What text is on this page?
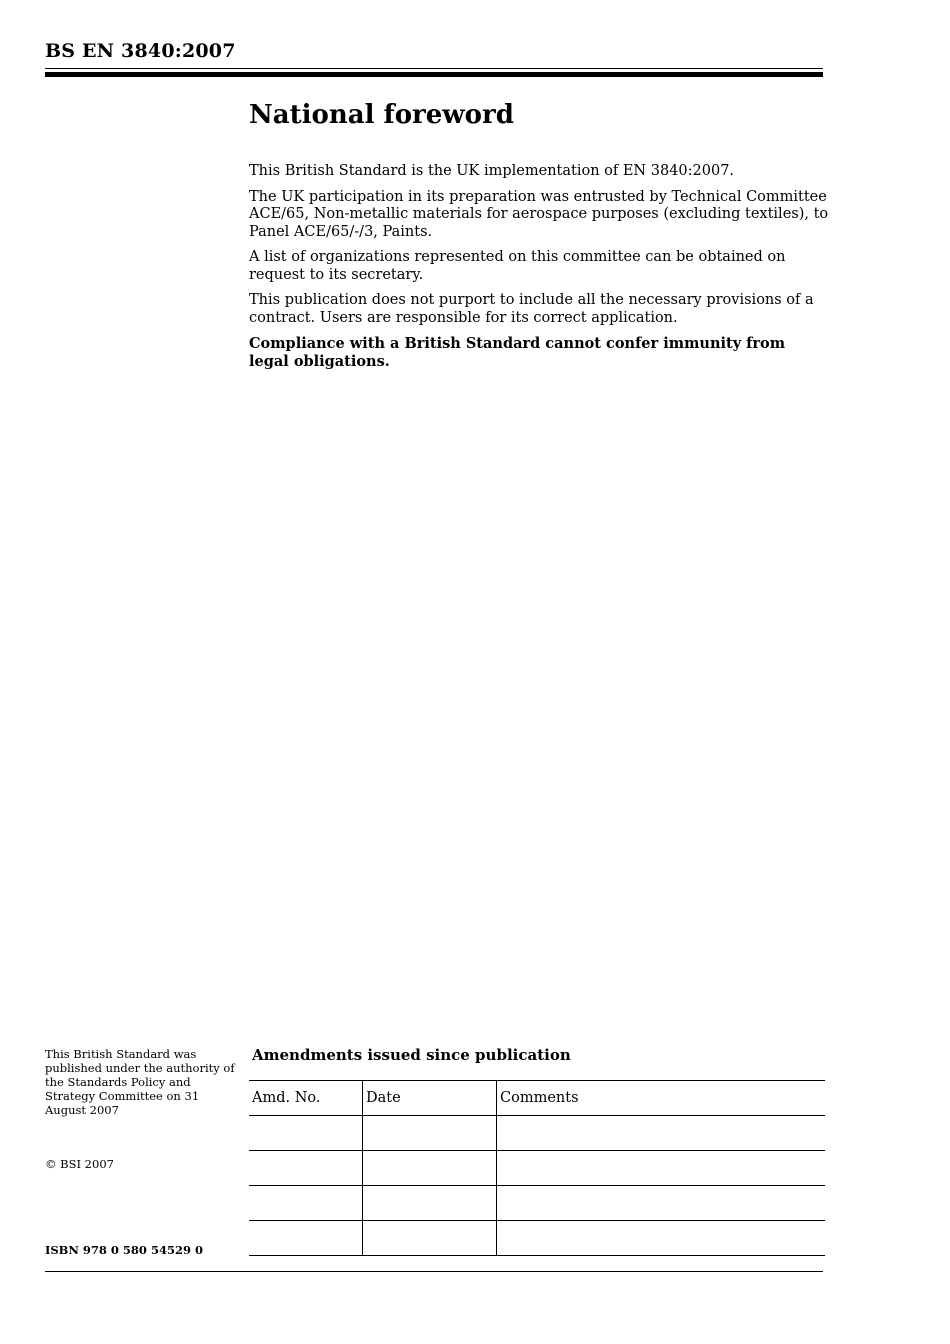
BS EN 3840:2007
National foreword

This British Standard is the UK implementation of EN 3840:2007.

The UK participation in its preparation was entrusted by Technical Committee ACE/65, Non-metallic materials for aerospace purposes (excluding textiles), to Panel ACE/65/-/3, Paints.

A list of organizations represented on this committee can be obtained on request to its secretary.

This publication does not purport to include all the necessary provisions of a contract. Users are responsible for its correct application.

Compliance with a British Standard cannot confer immunity from legal obligations.

This British Standard was published under the authority of the Standards Policy and Strategy Committee on 31 August 2007
© BSI 2007
ISBN 978 0 580 54529 0
Amendments issued since publication
Amd. No.	Date	Comments
